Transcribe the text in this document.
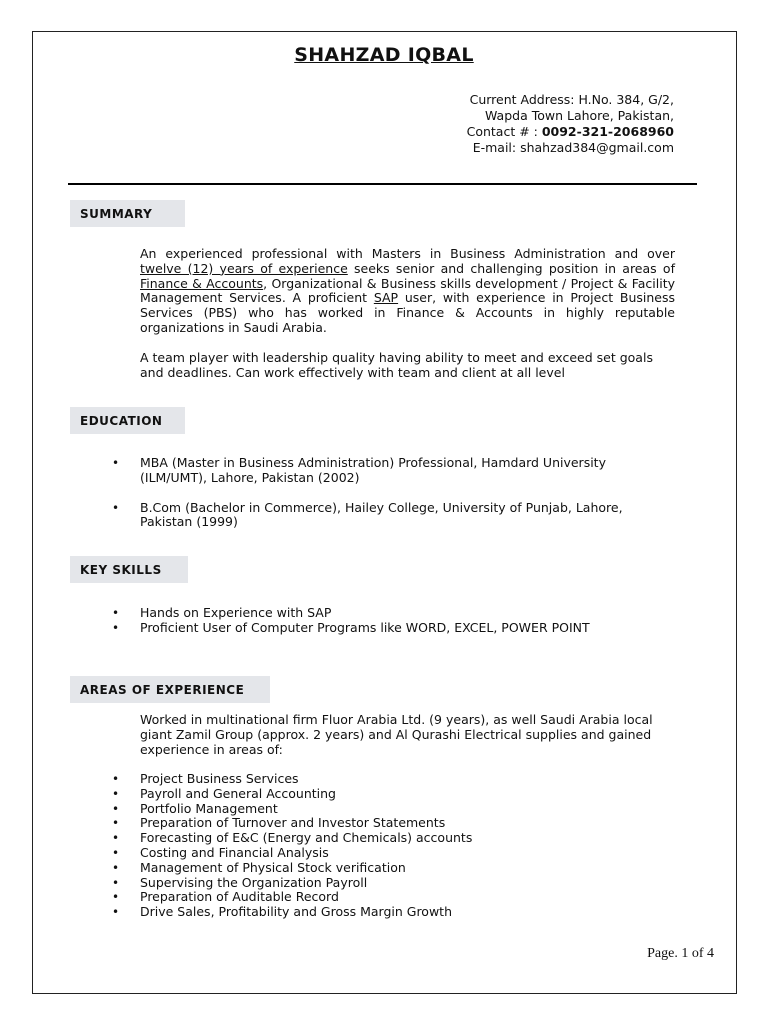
SHAHZAD IQBAL
Current Address: H.No. 384, G/2,
Wapda Town Lahore, Pakistan,
Contact # : 0092-321-2068960
E-mail: shahzad384@gmail.com
SUMMARY
An experienced professional with Masters in Business Administration and over twelve (12) years of experience seeks senior and challenging position in areas of Finance & Accounts, Organizational & Business skills development / Project & Facility Management Services. A proficient SAP user, with experience in Project Business Services (PBS) who has worked in Finance & Accounts in highly reputable organizations in Saudi Arabia.
A team player with leadership quality having ability to meet and exceed set goals and deadlines. Can work effectively with team and client at all level
EDUCATION
• MBA (Master in Business Administration) Professional, Hamdard University
(ILM/UMT), Lahore, Pakistan (2002)
• B.Com (Bachelor in Commerce), Hailey College, University of Punjab, Lahore,
Pakistan (1999)
KEY SKILLS
• Hands on Experience with SAP
• Proficient User of Computer Programs like WORD, EXCEL, POWER POINT
AREAS OF EXPERIENCE
Worked in multinational firm Fluor Arabia Ltd. (9 years), as well Saudi Arabia local giant Zamil Group (approx. 2 years) and Al Qurashi Electrical supplies and gained experience in areas of:
• Project Business Services
• Payroll and General Accounting
• Portfolio Management
• Preparation of Turnover and Investor Statements
• Forecasting of E&C (Energy and Chemicals) accounts
• Costing and Financial Analysis
• Management of Physical Stock verification
• Supervising the Organization Payroll
• Preparation of Auditable Record
• Drive Sales, Profitability and Gross Margin Growth
Page. 1 of 4
